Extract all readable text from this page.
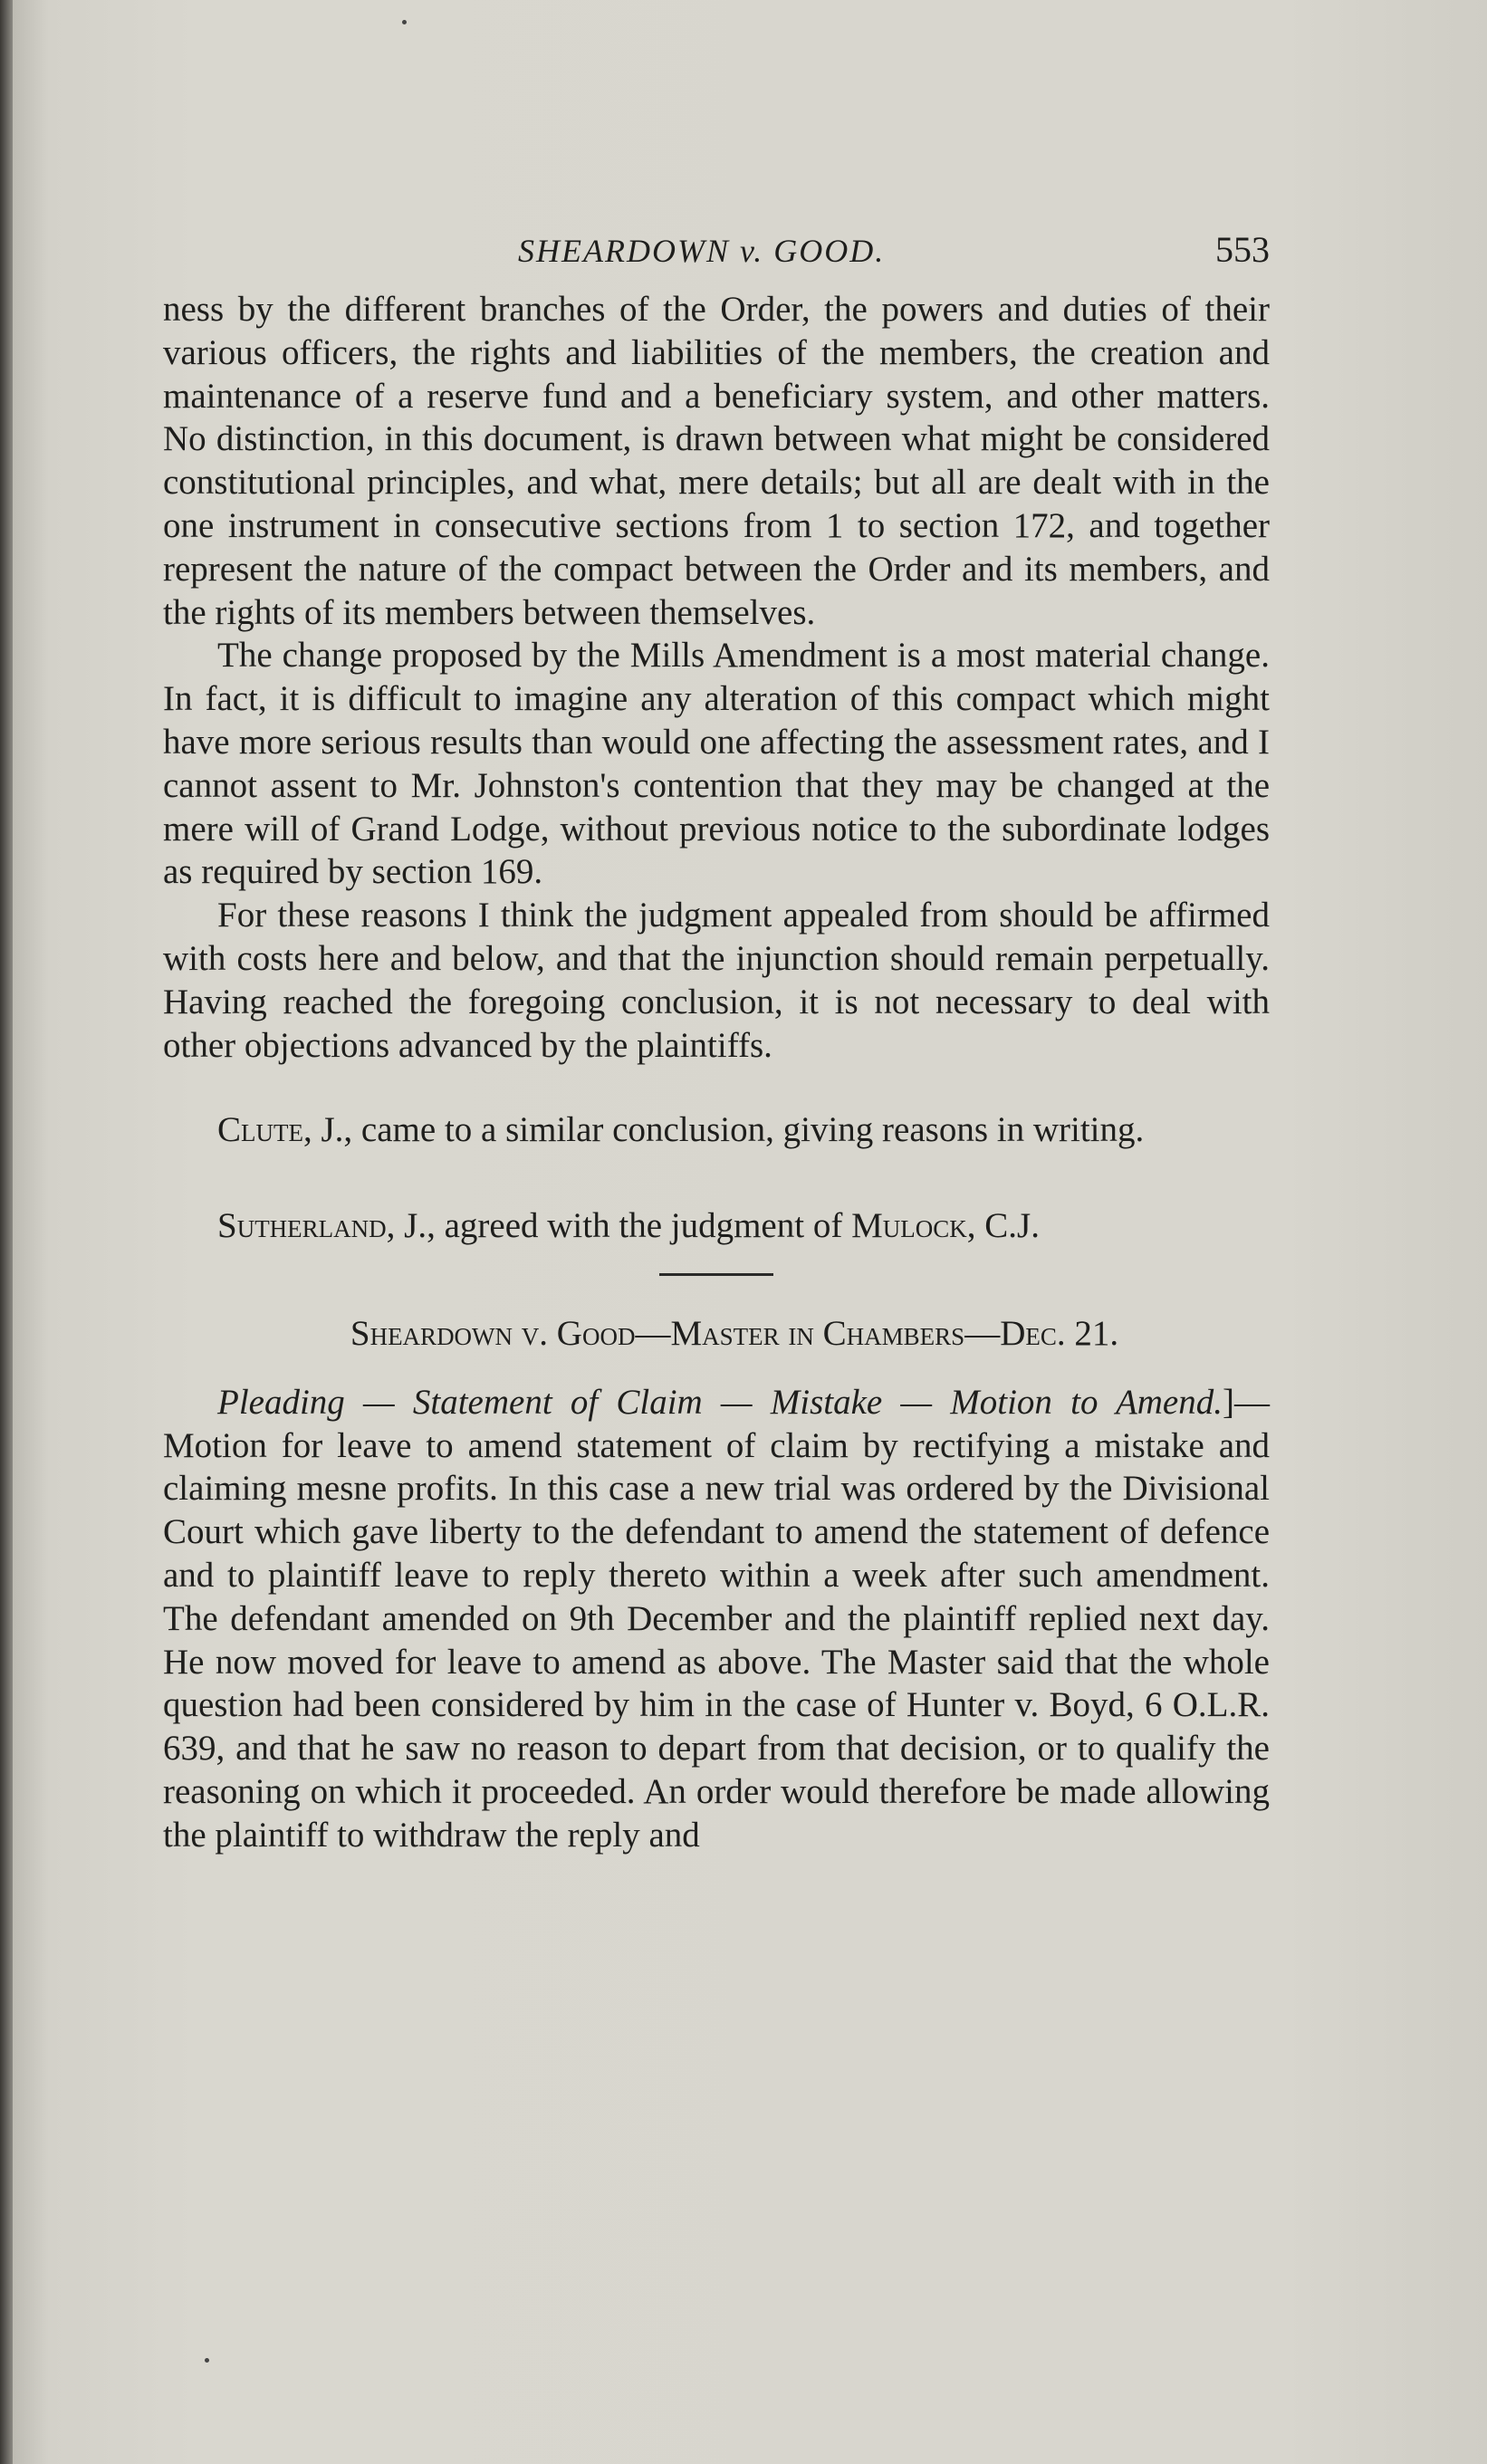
SHEARDOWN v. GOOD.	553

ness by the different branches of the Order, the powers and duties of their various officers, the rights and liabilities of the members, the creation and maintenance of a reserve fund and a beneficiary system, and other matters. No distinction, in this document, is drawn between what might be considered constitutional principles, and what, mere details; but all are dealt with in the one instrument in consecutive sections from 1 to section 172, and together represent the nature of the compact between the Order and its members, and the rights of its members between themselves.

The change proposed by the Mills Amendment is a most material change. In fact, it is difficult to imagine any alteration of this compact which might have more serious results than would one affecting the assessment rates, and I cannot assent to Mr. Johnston's contention that they may be changed at the mere will of Grand Lodge, without previous notice to the subordinate lodges as required by section 169.

For these reasons I think the judgment appealed from should be affirmed with costs here and below, and that the injunction should remain perpetually. Having reached the foregoing conclusion, it is not necessary to deal with other objections advanced by the plaintiffs.

Clute, J., came to a similar conclusion, giving reasons in writing.

Sutherland, J., agreed with the judgment of Mulock, C.J.

Sheardown v. Good—Master in Chambers—Dec. 21.

Pleading — Statement of Claim — Mistake — Motion to Amend.]—Motion for leave to amend statement of claim by rectifying a mistake and claiming mesne profits. In this case a new trial was ordered by the Divisional Court which gave liberty to the defendant to amend the statement of defence and to plaintiff leave to reply thereto within a week after such amendment. The defendant amended on 9th December and the plaintiff replied next day. He now moved for leave to amend as above. The Master said that the whole question had been considered by him in the case of Hunter v. Boyd, 6 O.L.R. 639, and that he saw no reason to depart from that decision, or to qualify the reasoning on which it proceeded. An order would therefore be made allowing the plaintiff to withdraw the reply and
